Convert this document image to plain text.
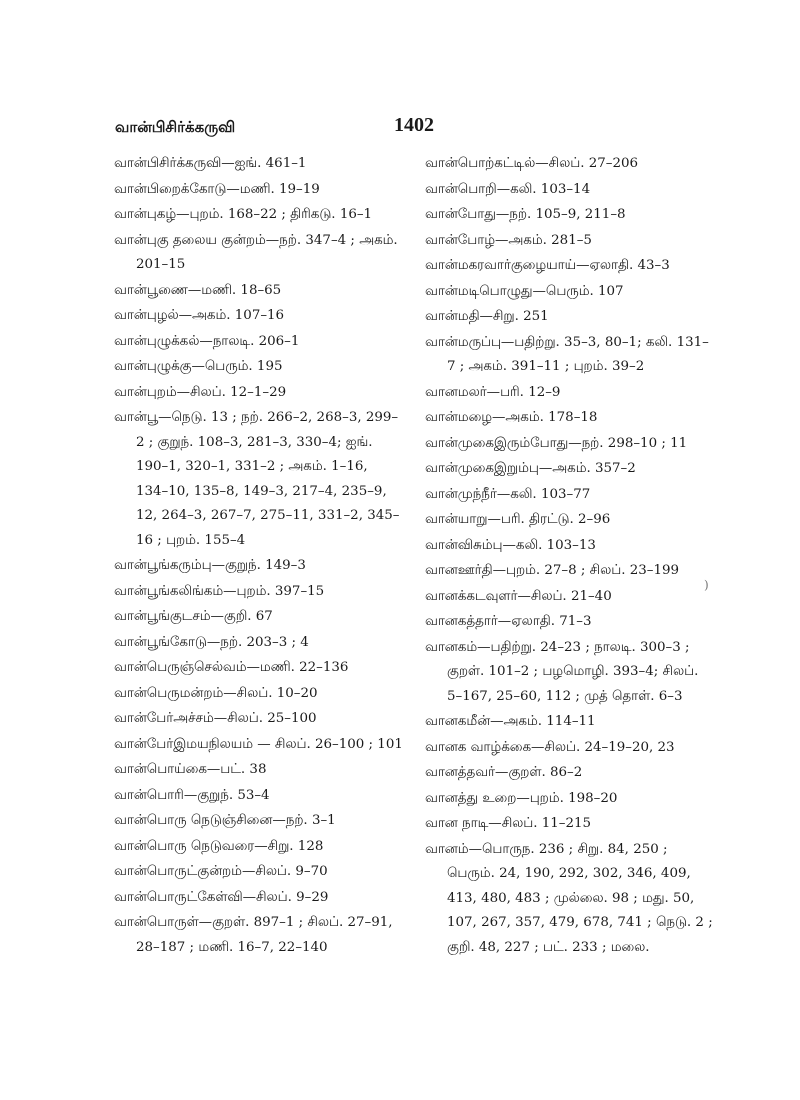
வான்பிசிர்க்கருவி	1402

வான்பிசிர்க்கருவி—ஐங். 461–1

வான்பிறைக்கோடு—மணி. 19–19

வான்புகழ்—புறம். 168–22 ; திரிகடு. 16–1

வான்புகு தலைய குன்றம்—நற். 347–4 ; அகம். 201–15

வான்பூணை—மணி. 18–65

வான்புழல்—அகம். 107–16

வான்புழுக்கல்—நாலடி. 206–1

வான்புழுக்கு—பெரும். 195

வான்புறம்—சிலப். 12–1–29

வான்பூ—நெடு. 13 ; நற். 266–2, 268–3, 299–2 ; குறுந். 108–3, 281–3, 330–4; ஐங். 190–1, 320–1, 331–2 ; அகம். 1–16, 134–10, 135–8, 149–3, 217–4, 235–9, 12, 264–3, 267–7, 275–11, 331–2, 345–16 ; புறம். 155–4

வான்பூங்கரும்பு—குறுந். 149–3

வான்பூங்கலிங்கம்—புறம். 397–15

வான்பூங்குடசம்—குறி. 67

வான்பூங்கோடு—நற். 203–3 ; 4

வான்பெருஞ்செல்வம்—மணி. 22–136

வான்பெருமன்றம்—சிலப். 10–20

வான்பேர்அச்சம்—சிலப். 25–100

வான்பேர்இமயநிலயம் — சிலப். 26–100 ; 101

வான்பொய்கை—பட். 38

வான்பொரி—குறுந். 53–4

வான்பொரு நெடுஞ்சினை—நற். 3–1

வான்பொரு நெடுவரை—சிறு. 128

வான்பொருட்குன்றம்—சிலப். 9–70

வான்பொருட்கேள்வி—சிலப். 9–29

வான்பொருள்—குறள். 897–1 ; சிலப். 27–91, 28–187 ; மணி. 16–7, 22–140

வான்பொற்கட்டில்—சிலப். 27–206

வான்பொறி—கலி. 103–14

வான்போது—நற். 105–9, 211–8

வான்போழ்—அகம். 281–5

வான்மகரவார்குழையாய்—ஏலாதி. 43–3

வான்மடிபொழுது—பெரும். 107

வான்மதி—சிறு. 251

வான்மருப்பு—பதிற்று. 35–3, 80–1; கலி. 131–7 ; அகம். 391–11 ; புறம். 39–2

வானமலர்—பரி. 12–9

வான்மழை—அகம். 178–18

வான்முகைஇரும்போது—நற். 298–10 ; 11

வான்முகைஇறும்பு—அகம். 357–2

வான்முந்நீர்—கலி. 103–77

வான்யாறு—பரி. திரட்டு. 2–96

வான்விசும்பு—கலி. 103–13

வானஊர்தி—புறம். 27–8 ; சிலப். 23–199

வானக்கடவுளர்—சிலப். 21–40

வானகத்தார்—ஏலாதி. 71–3

வானகம்—பதிற்று. 24–23 ; நாலடி. 300–3 ; குறள். 101–2 ; பழமொழி. 393–4; சிலப். 5–167, 25–60, 112 ; முத் தொள். 6–3

வானகமீன்—அகம். 114–11

வானக வாழ்க்கை—சிலப். 24–19–20, 23

வானத்தவர்—குறள். 86–2

வானத்து உறை—புறம். 198–20

வான நாடி—சிலப். 11–215

வானம்—பொருந. 236 ; சிறு. 84, 250 ; பெரும். 24, 190, 292, 302, 346, 409, 413, 480, 483 ; முல்லை. 98 ; மது. 50, 107, 267, 357, 479, 678, 741 ; நெடு. 2 ; குறி. 48, 227 ; பட். 233 ; மலை.

)
